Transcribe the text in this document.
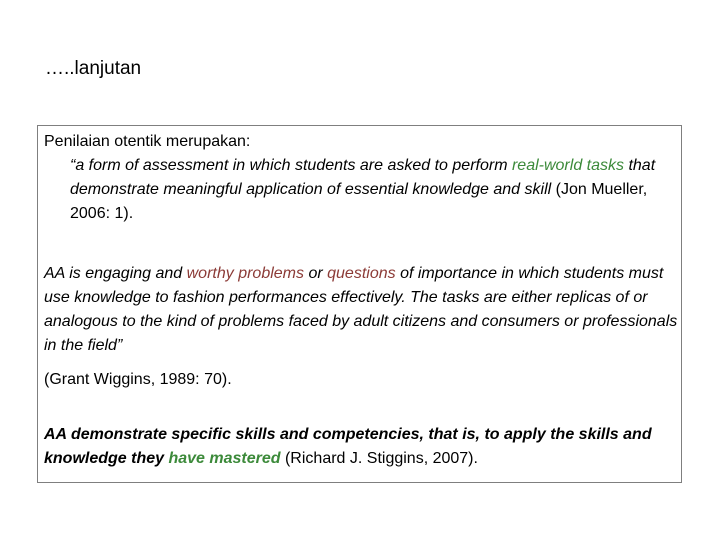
…..lanjutan

Penilaian otentik merupakan:

“a form of assessment in which students are asked to perform real-world tasks that demonstrate meaningful application of essential knowledge and skill (Jon Mueller, 2006: 1).

AA is engaging and worthy problems or questions of importance in which students must use knowledge to fashion performances effectively. The tasks are either replicas of or analogous to the kind of problems faced by adult citizens and consumers or professionals in the field”

(Grant Wiggins, 1989: 70).

AA demonstrate specific skills and competencies, that is, to apply the skills and knowledge they have mastered (Richard J. Stiggins, 2007).
